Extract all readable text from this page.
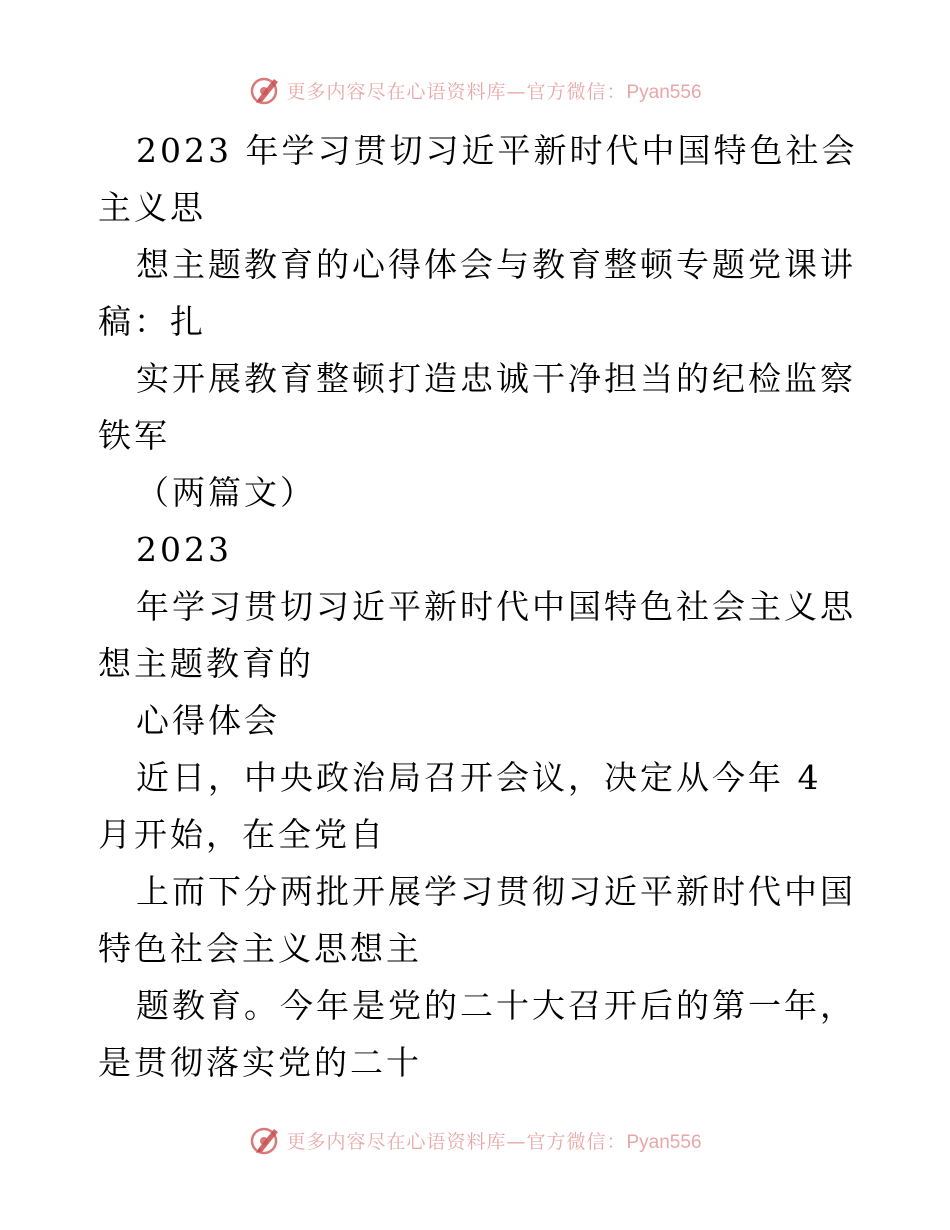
更多内容尽在心语资料库—官方微信：Pyan556

2023 年学习贯切习近平新时代中国特色社会主义思

想主题教育的心得体会与教育整顿专题党课讲稿：扎

实开展教育整顿打造忠诚干净担当的纪检监察铁军

（两篇文）

2023

年学习贯切习近平新时代中国特色社会主义思想主题教育的

心得体会

近日，中央政治局召开会议，决定从今年 4 月开始，在全党自

上而下分两批开展学习贯彻习近平新时代中国特色社会主义思想主

题教育。今年是党的二十大召开后的第一年，是贯彻落实党的二十

更多内容尽在心语资料库—官方微信：Pyan556
